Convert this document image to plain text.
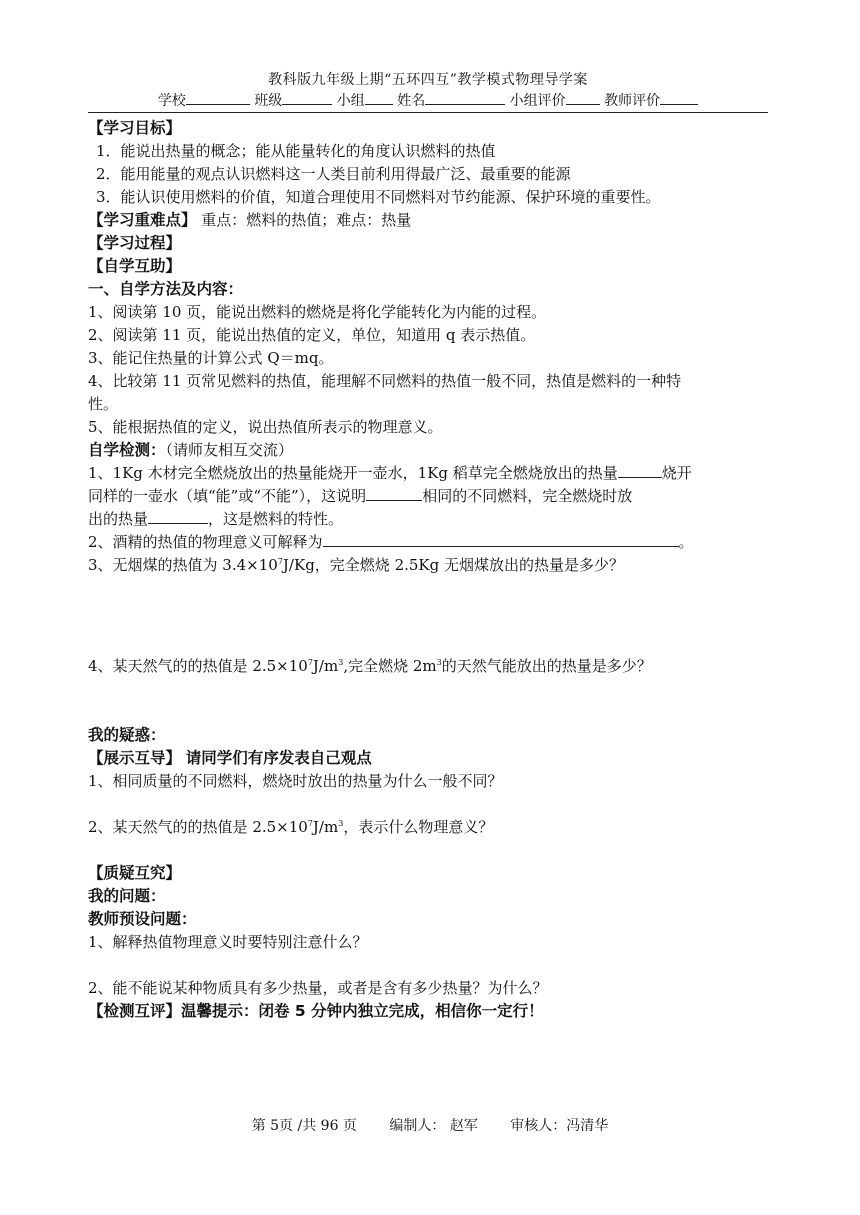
教科版九年级上期“五环四互”教学模式物理导学案
学校	班级	小组 姓名	小组评价	教师评价

【学习目标】

1．能说出热量的概念；能从能量转化的角度认识燃料的热值

2．能用能量的观点认识燃料这一人类目前利用得最广泛、最重要的能源

3．能认识使用燃料的价值，知道合理使用不同燃料对节约能源、保护环境的重要性。

【学习重难点】 重点：燃料的热值；难点：热量

【学习过程】

【自学互助】

一、自学方法及内容：

1、阅读第 10 页，能说出燃料的燃烧是将化学能转化为内能的过程。

2、阅读第 11 页，能说出热值的定义，单位，知道用 q 表示热值。

3、能记住热量的计算公式 Q＝mq。

4、比较第 11 页常见燃料的热值，能理解不同燃料的热值一般不同，热值是燃料的一种特

性。

5、能根据热值的定义，说出热值所表示的物理意义。

自学检测：（请师友相互交流）

1、1Kg 木材完全燃烧放出的热量能烧开一壶水，1Kg 稻草完全燃烧放出的热量	烧开

同样的一壶水（填“能”或“不能”），这说明	相同的不同燃料，完全燃烧时放

出的热量	，这是燃料的特性。

2、酒精的热值的物理意义可解释为	。

3、无烟煤的热值为 $3.4\times 10^7J/Kg$，完全燃烧 2.5Kg 无烟煤放出的热量是多少？

4、某天然气的的热值是 $2.5\times 10^7J/m^3$,完全燃烧 $2m^3$的天然气能放出的热量是多少？

我的疑惑：

【展示互导】 请同学们有序发表自己观点

1、相同质量的不同燃料，燃烧时放出的热量为什么一般不同？

2、某天然气的的热值是 $2.5\times 10^7J/m^3$，表示什么物理意义？

【质疑互究】

我的问题：

教师预设问题：

1、解释热值物理意义时要特别注意什么？

2、能不能说某种物质具有多少热量，或者是含有多少热量？为什么？

【检测互评】温馨提示：闭卷 5 分钟内独立完成，相信你一定行！

第 5页 /共 96 页 编制人： 赵军 审核人：冯清华
